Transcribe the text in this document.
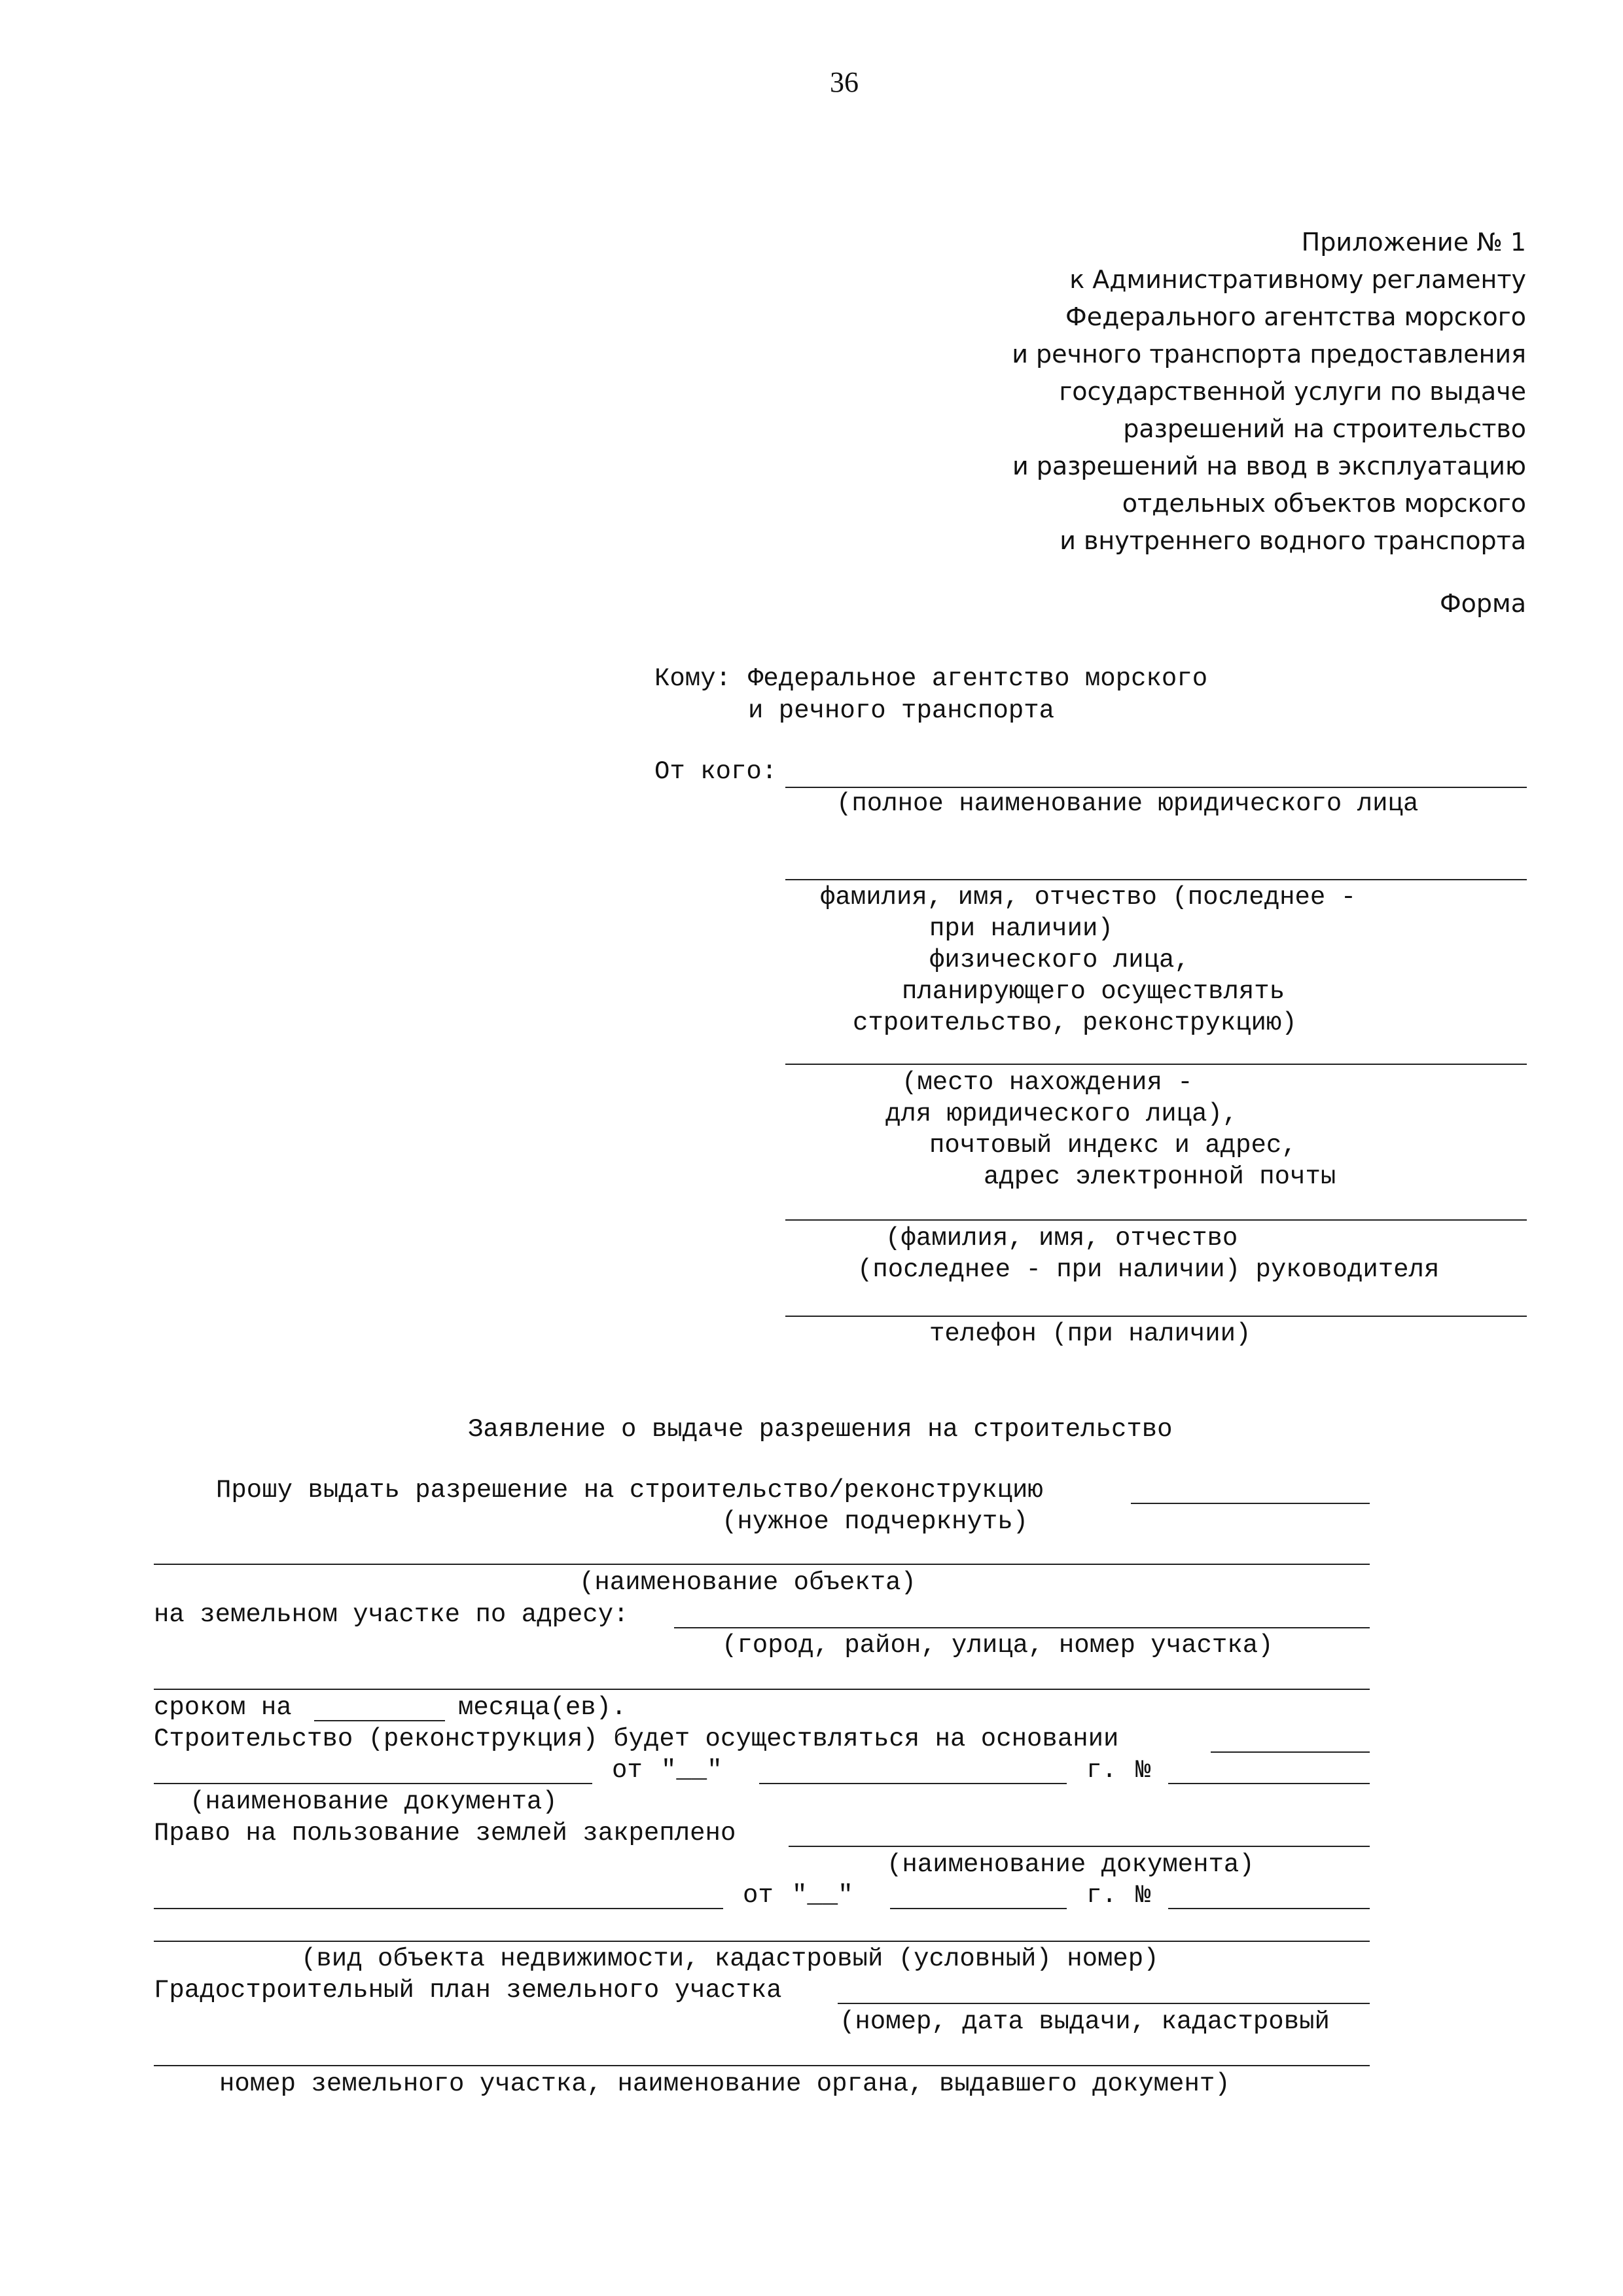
36
Приложение № 1
к Административному регламенту
Федерального агентства морского
и речного транспорта предоставления
государственной услуги по выдаче
разрешений на строительство
и разрешений на ввод в эксплуатацию
отдельных объектов морского
и внутреннего водного транспорта
Форма
Кому: Федеральное агентство морского
и речного транспорта
От кого:
(полное наименование юридического лица
фамилия, имя, отчество (последнее -
при наличии)
физического лица,
планирующего осуществлять
строительство, реконструкцию)
(место нахождения -
для юридического лица),
почтовый индекс и адрес,
адрес электронной почты
(фамилия, имя, отчество
(последнее - при наличии) руководителя
телефон (при наличии)
Заявление о выдаче разрешения на строительство
Прошу выдать разрешение на строительство/реконструкцию
(нужное подчеркнуть)
(наименование объекта)
на земельном участке по адресу:
(город, район, улица, номер участка)
сроком на	месяца(ев).
Строительство (реконструкция) будет осуществляться на основании
от "__"	г. №
(наименование документа)
Право на пользование землей закреплено
(наименование документа)
от "__"	г. №
(вид объекта недвижимости, кадастровый (условный) номер)
Градостроительный план земельного участка
(номер, дата выдачи, кадастровый
номер земельного участка, наименование органа, выдавшего документ)
